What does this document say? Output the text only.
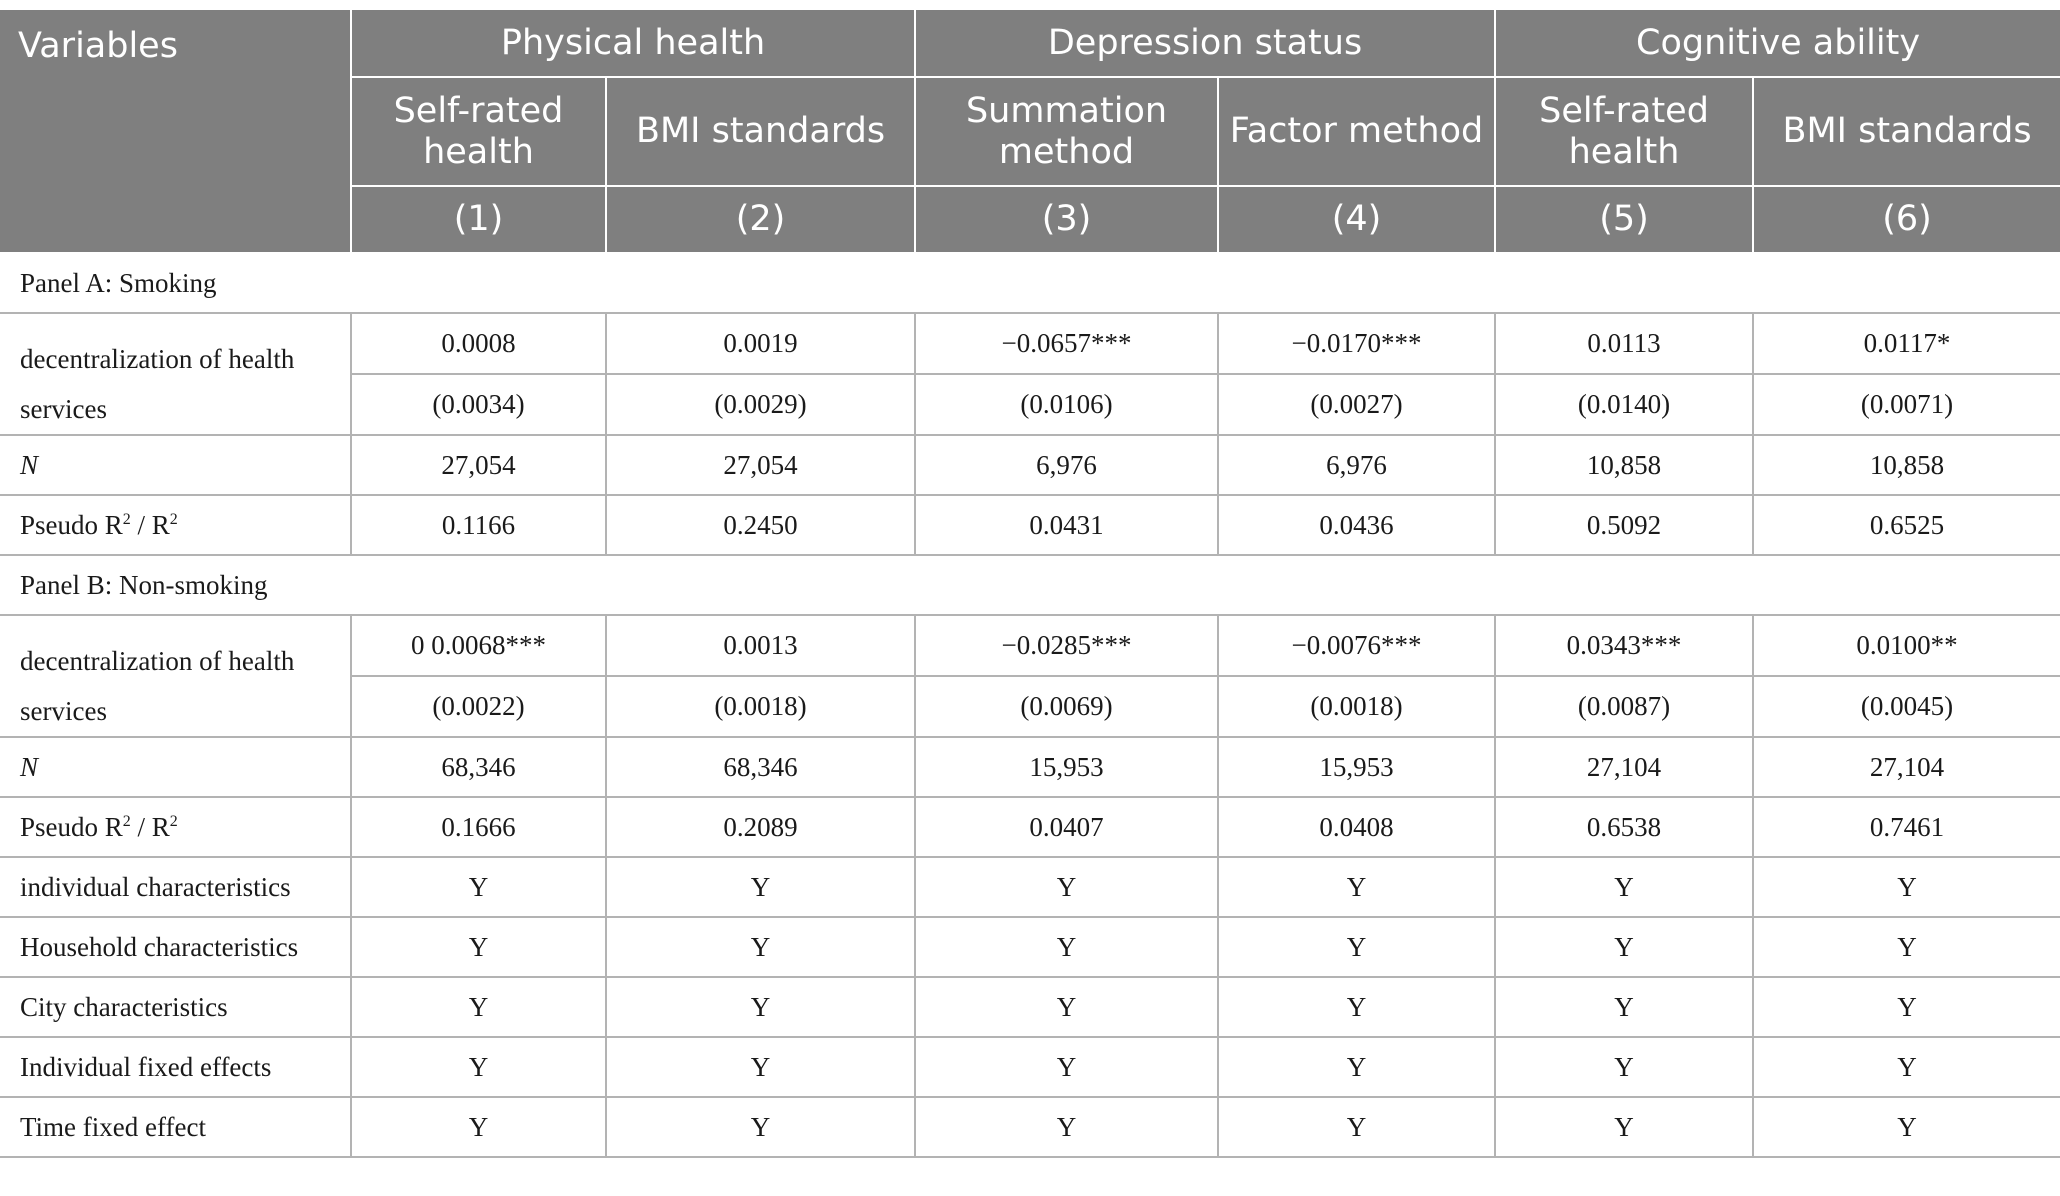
Variables	Physical health		Depression status		Cognitive ability	
	Self-rated health	BMI standards	Summation method	Factor method	Self-rated health	BMI standards
	(1)	(2)	(3)	(4)	(5)	(6)
Panel A: Smoking						
decentralization of health services	0.0008	0.0019	−0.0657***	−0.0170***	0.0113	0.0117*
	(0.0034)	(0.0029)	(0.0106)	(0.0027)	(0.0140)	(0.0071)
N	27,054	27,054	6,976	6,976	10,858	10,858
Pseudo $R^2 / R^2$	0.1166	0.2450	0.0431	0.0436	0.5092	0.6525
Panel B: Non-smoking						
decentralization of health services	0 0.0068***	0.0013	−0.0285***	−0.0076***	0.0343***	0.0100**
	(0.0022)	(0.0018)	(0.0069)	(0.0018)	(0.0087)	(0.0045)
N	68,346	68,346	15,953	15,953	27,104	27,104
Pseudo $R^2 / R^2$	0.1666	0.2089	0.0407	0.0408	0.6538	0.7461
individual characteristics	Y	Y	Y	Y	Y	Y
Household characteristics	Y	Y	Y	Y	Y	Y
City characteristics	Y	Y	Y	Y	Y	Y
Individual fixed effects	Y	Y	Y	Y	Y	Y
Time fixed effect	Y	Y	Y	Y	Y	Y
